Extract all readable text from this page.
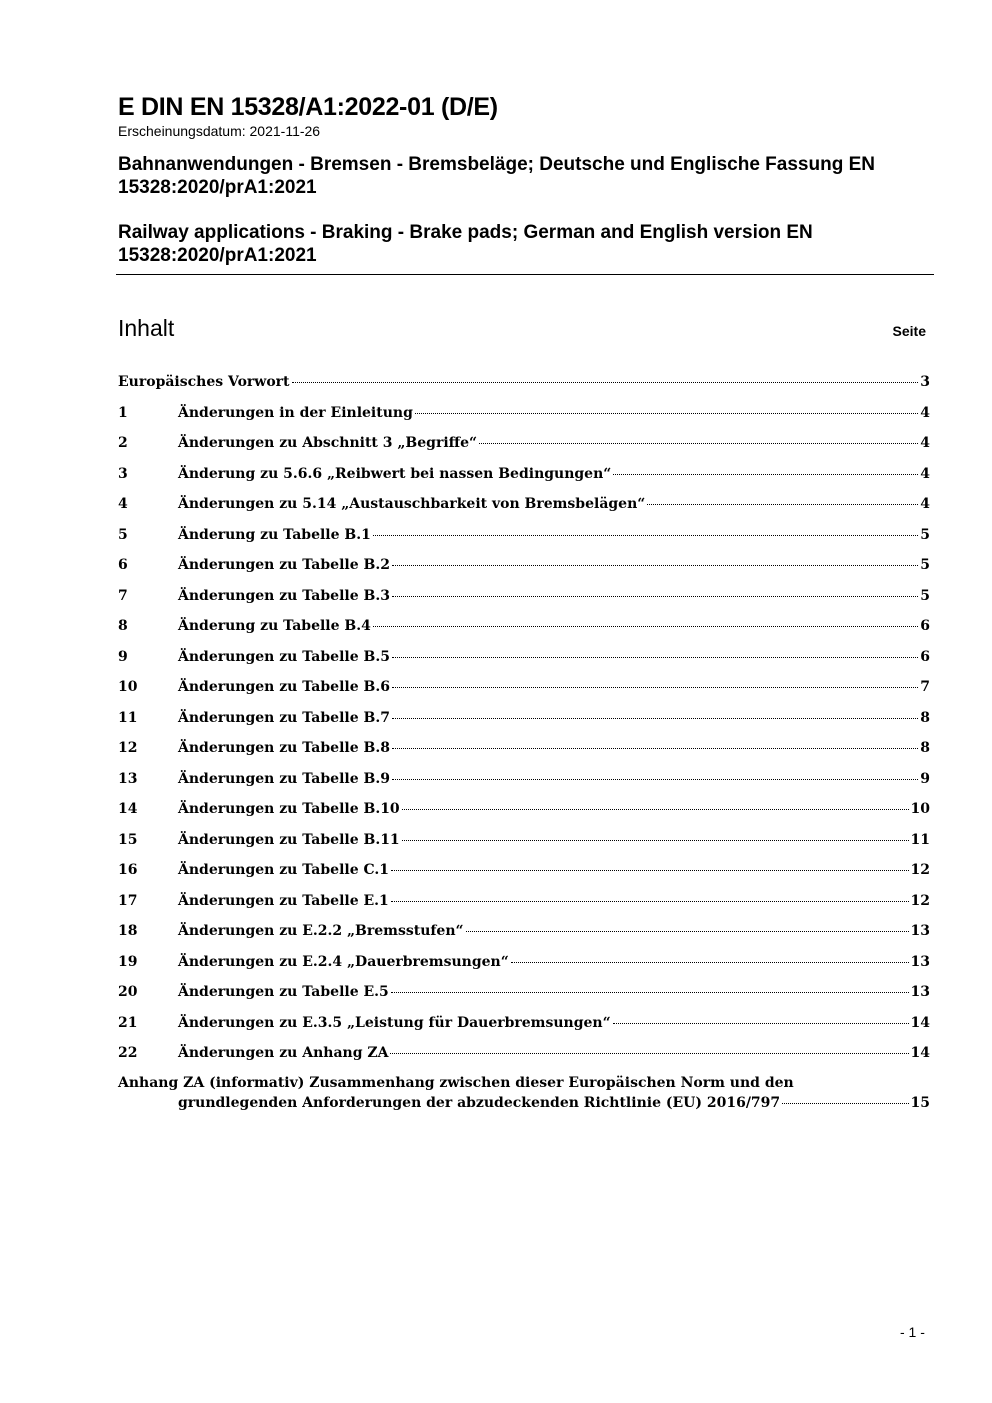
E DIN EN 15328/A1:2022-01 (D/E)
Erscheinungsdatum: 2021-11-26
Bahnanwendungen - Bremsen - Bremsbeläge; Deutsche und Englische Fassung EN 15328:2020/prA1:2021
Railway applications - Braking - Brake pads; German and English version EN 15328:2020/prA1:2021
Inhalt	Seite
Europäisches Vorwort	3
1	Änderungen in der Einleitung	4
2	Änderungen zu Abschnitt 3 „Begriffe“	4
3	Änderung zu 5.6.6 „Reibwert bei nassen Bedingungen“	4
4	Änderungen zu 5.14 „Austauschbarkeit von Bremsbelägen“	4
5	Änderung zu Tabelle B.1	5
6	Änderungen zu Tabelle B.2	5
7	Änderungen zu Tabelle B.3	5
8	Änderung zu Tabelle B.4	6
9	Änderungen zu Tabelle B.5	6
10	Änderungen zu Tabelle B.6	7
11	Änderungen zu Tabelle B.7	8
12	Änderungen zu Tabelle B.8	8
13	Änderungen zu Tabelle B.9	9
14	Änderungen zu Tabelle B.10	10
15	Änderungen zu Tabelle B.11	11
16	Änderungen zu Tabelle C.1	12
17	Änderungen zu Tabelle E.1	12
18	Änderungen zu E.2.2 „Bremsstufen“	13
19	Änderungen zu E.2.4 „Dauerbremsungen“	13
20	Änderungen zu Tabelle E.5	13
21	Änderungen zu E.3.5 „Leistung für Dauerbremsungen“	14
22	Änderungen zu Anhang ZA	14
Anhang ZA (informativ) Zusammenhang zwischen dieser Europäischen Norm und den
grundlegenden Anforderungen der abzudeckenden Richtlinie (EU) 2016/797	15
- 1 -
